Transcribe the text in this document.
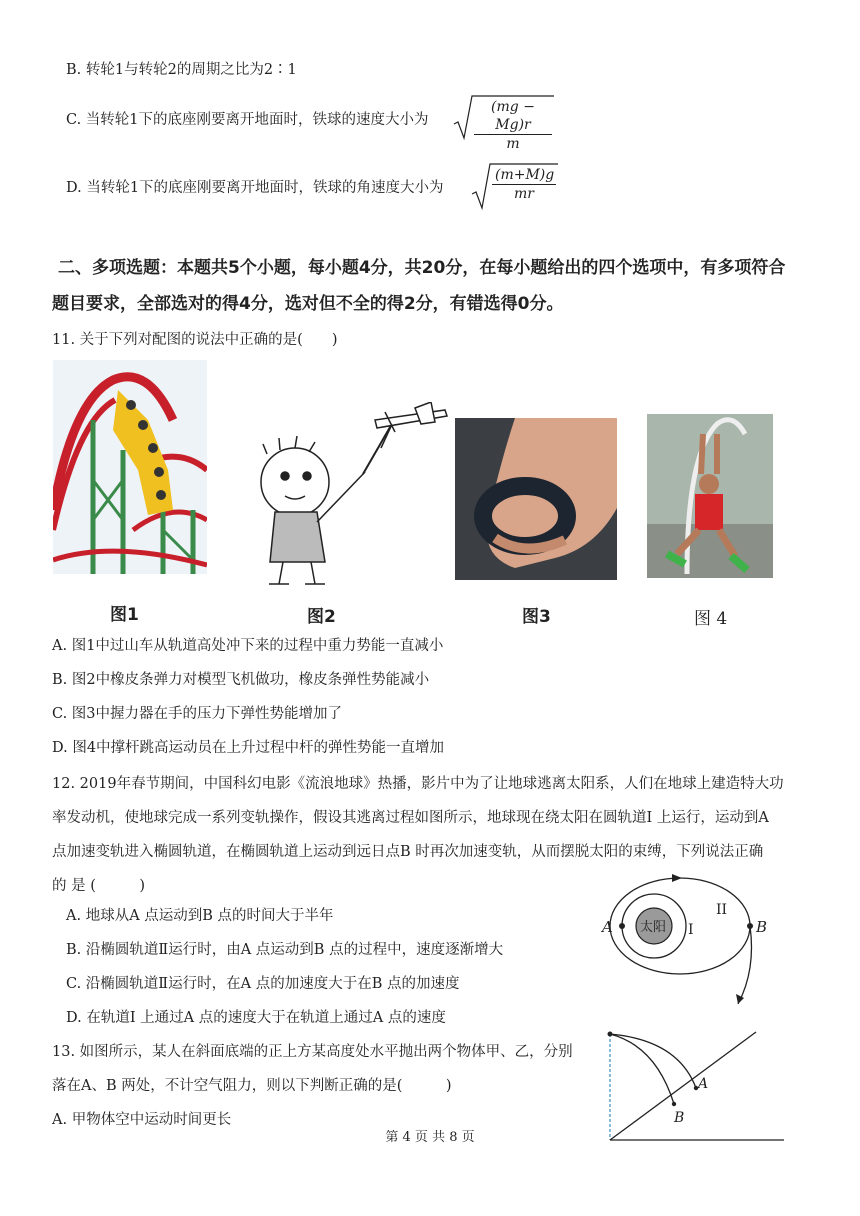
B. 转轮1与转轮2的周期之比为2∶1
C. 当转轮1下的底座刚要离开地面时，铁球的速度大小为	$\frac{(mg - Mg)r}{m}$
D. 当转轮1下的底座刚要离开地面时，铁球的角速度大小为	$\frac{(m+M)g}{mr}$
二、多项选题：本题共5个小题，每小题4分，共20分，在每小题给出的四个选项中，有多项符合
题目要求，全部选对的得4分，选对但不全的得2分，有错选得0分。
11. 关于下列对配图的说法中正确的是(　　)
图1	图2	图3	图 4
A. 图1中过山车从轨道高处冲下来的过程中重力势能一直减小
B. 图2中橡皮条弹力对模型飞机做功，橡皮条弹性势能减小
C. 图3中握力器在手的压力下弹性势能增加了
D. 图4中撑杆跳高运动员在上升过程中杆的弹性势能一直增加
12. 2019年春节期间，中国科幻电影《流浪地球》热播，影片中为了让地球逃离太阳系，人们在地球上建造特大功
率发动机，使地球完成一系列变轨操作，假设其逃离过程如图所示，地球现在绕太阳在圆轨道I 上运行，运动到A
点加速变轨进入椭圆轨道，在椭圆轨道上运动到远日点B 时再次加速变轨，从而摆脱太阳的束缚，下列说法正确
的 是 (　　　)
A. 地球从A 点运动到B 点的时间大于半年
B. 沿椭圆轨道Ⅱ运行时，由A 点运动到B 点的过程中，速度逐渐增大
C. 沿椭圆轨道Ⅱ运行时，在A 点的加速度大于在B 点的加速度
D. 在轨道I 上通过A 点的速度大于在轨道上通过A 点的速度
太阳 I
II
A	B
13. 如图所示，某人在斜面底端的正上方某高度处水平抛出两个物体甲、乙，分别
落在A、B 两处，不计空气阻力，则以下判断正确的是(　　　)
A. 甲物体空中运动时间更长
A
B
第 4 页 共 8 页
